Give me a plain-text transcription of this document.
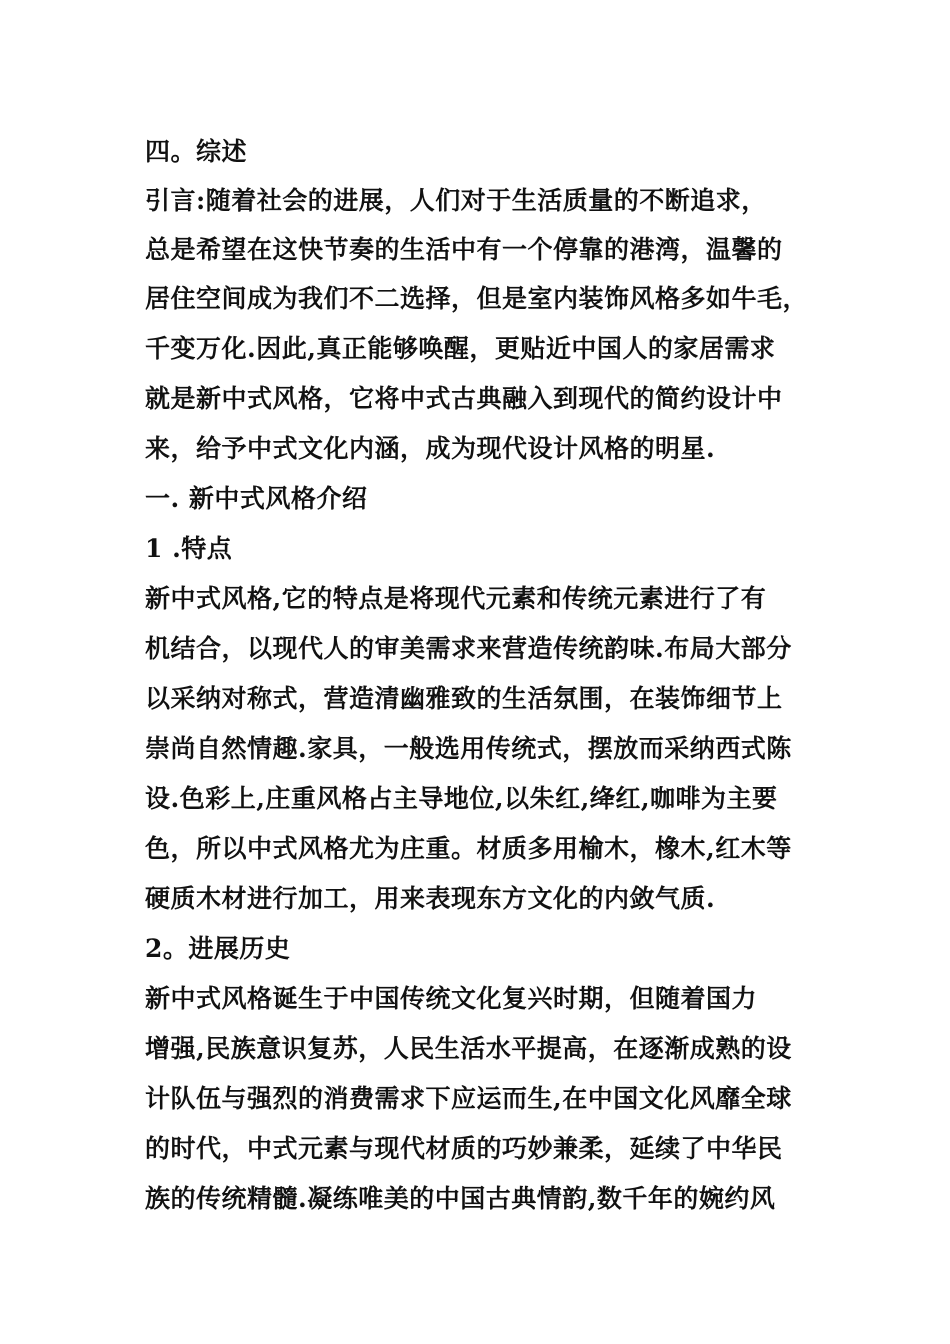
四。综述
引言:随着社会的进展，人们对于生活质量的不断追求，
总是希望在这快节奏的生活中有一个停靠的港湾，温馨的
居住空间成为我们不二选择，但是室内装饰风格多如牛毛，
千变万化.因此,真正能够唤醒，更贴近中国人的家居需求
就是新中式风格，它将中式古典融入到现代的简约设计中
来，给予中式文化内涵，成为现代设计风格的明星.
一. 新中式风格介绍
1 .特点
新中式风格,它的特点是将现代元素和传统元素进行了有
机结合，以现代人的审美需求来营造传统韵味.布局大部分
以采纳对称式，营造清幽雅致的生活氛围，在装饰细节上
崇尚自然情趣.家具，一般选用传统式，摆放而采纳西式陈
设.色彩上,庄重风格占主导地位,以朱红,绛红,咖啡为主要
色，所以中式风格尤为庄重。材质多用榆木，橡木,红木等
硬质木材进行加工，用来表现东方文化的内敛气质.
2。进展历史
新中式风格诞生于中国传统文化复兴时期，但随着国力
增强,民族意识复苏，人民生活水平提高，在逐渐成熟的设
计队伍与强烈的消费需求下应运而生,在中国文化风靡全球
的时代，中式元素与现代材质的巧妙兼柔，延续了中华民
族的传统精髓.凝练唯美的中国古典情韵,数千年的婉约风
